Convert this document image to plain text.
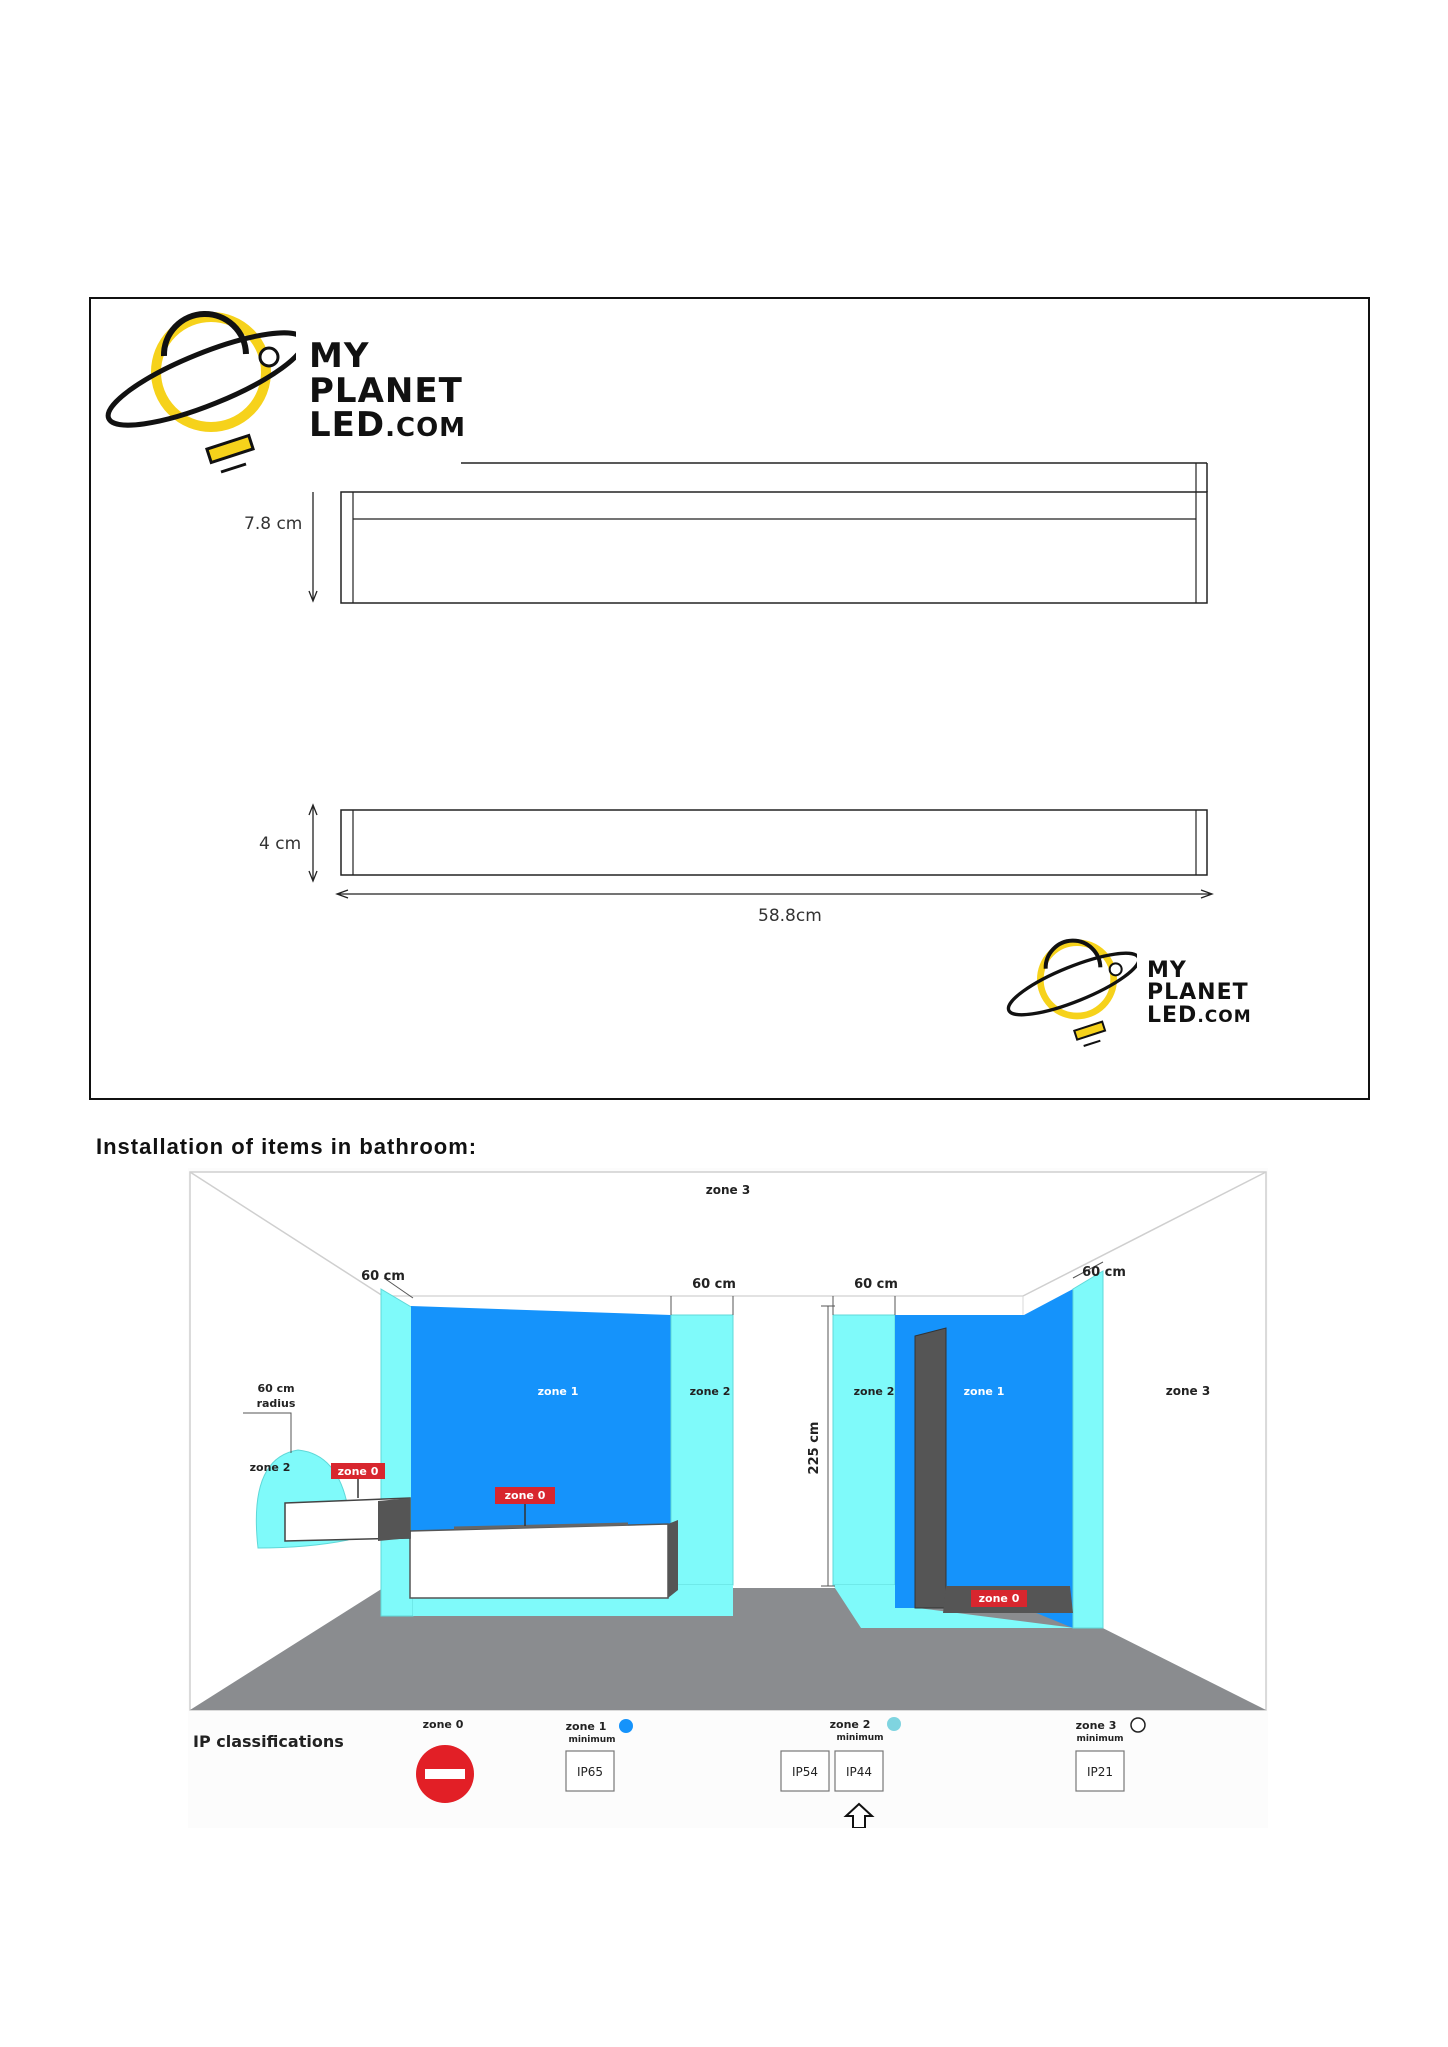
MY
PLANET
LED.COM
7.8 cm
4 cm
58.8cm
MY
PLANET
LED.COM
Installation of items in bathroom:
zone 3
zone 3
60 cm	60 cm
60 cm	60 cm
60 cm
radius
zone 2
zone 1	zone 2	zone 2	zone 1
225 cm
zone 0
zone 0
zone 0
IP classifications
zone 0	zone 1
minimum
IP65
zone 2
minimum
IP54 IP44
zone 3
minimum
IP21
